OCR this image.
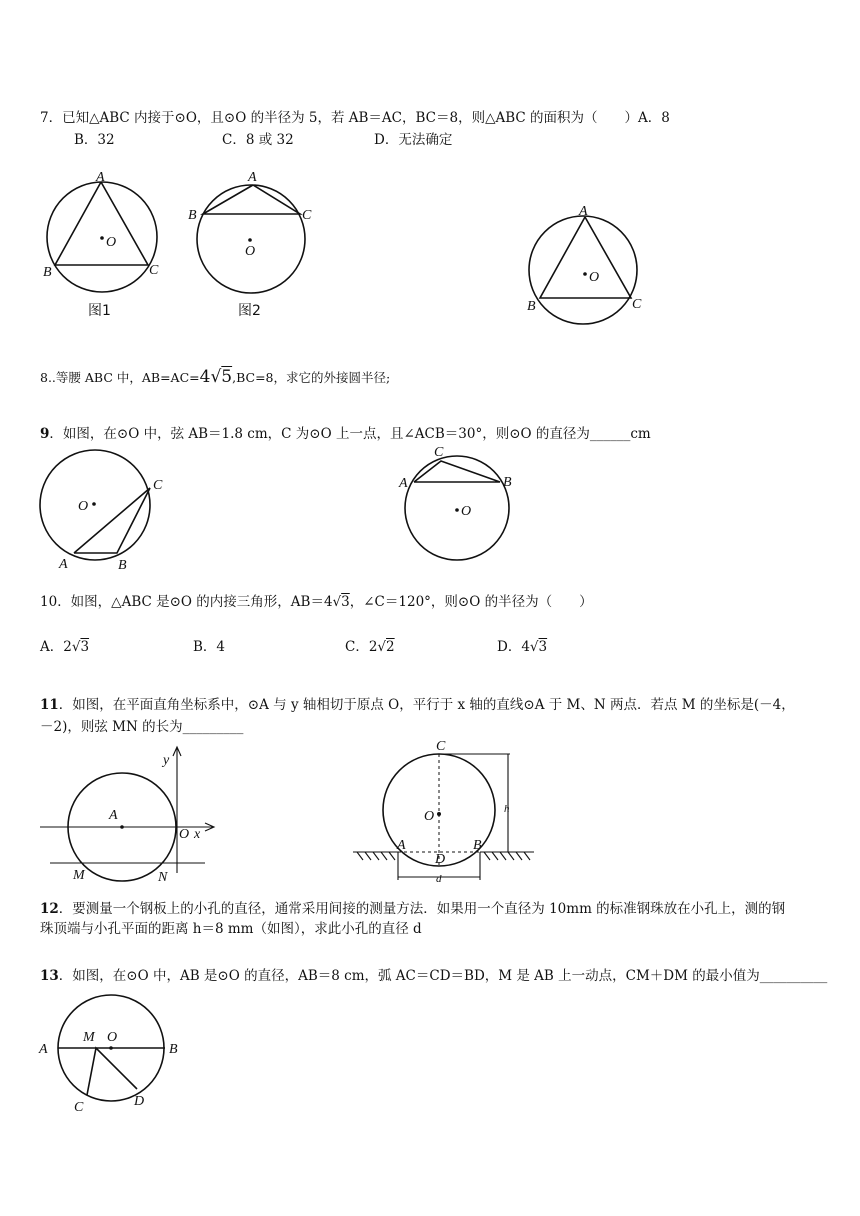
7．已知△ABC 内接于⊙O，且⊙O 的半径为 5，若 AB＝AC，BC＝8，则△ABC 的面积为（　　）A．8
B．32	C．8 或 32	D．无法确定
A
B	C
O
图1
A
B	C
O
图2
A
B	C
O
O
C
A	B
C
A	B
O
A
O x
y
M	N
C
O
A	B
D
h
d
A	B
M O
C	D
8..等腰 ABC 中，AB=AC=4√5,BC=8，求它的外接圆半径;
9．如图，在⊙O 中，弦 AB＝1.8 cm，C 为⊙O 上一点，且∠ACB＝30°，则⊙O 的直径为______cm
10．如图，△ABC 是⊙O 的内接三角形，AB＝4√3，∠C＝120°，则⊙O 的半径为（　　）
A．2√3	B．4	C．2√2	D．4√3
11．如图，在平面直角坐标系中，⊙A 与 y 轴相切于原点 O，平行于 x 轴的直线⊙A 于 M、N 两点．若点 M 的坐标是(－4，
－2)，则弦 MN 的长为_________
12．要测量一个钢板上的小孔的直径，通常采用间接的测量方法．如果用一个直径为 10mm 的标准钢珠放在小孔上，测的钢
珠顶端与小孔平面的距离 h＝8 mm（如图），求此小孔的直径 d
13．如图，在⊙O 中，AB 是⊙O 的直径，AB＝8 cm，弧 AC＝CD＝BD，M 是 AB 上一动点，CM＋DM 的最小值为__________
